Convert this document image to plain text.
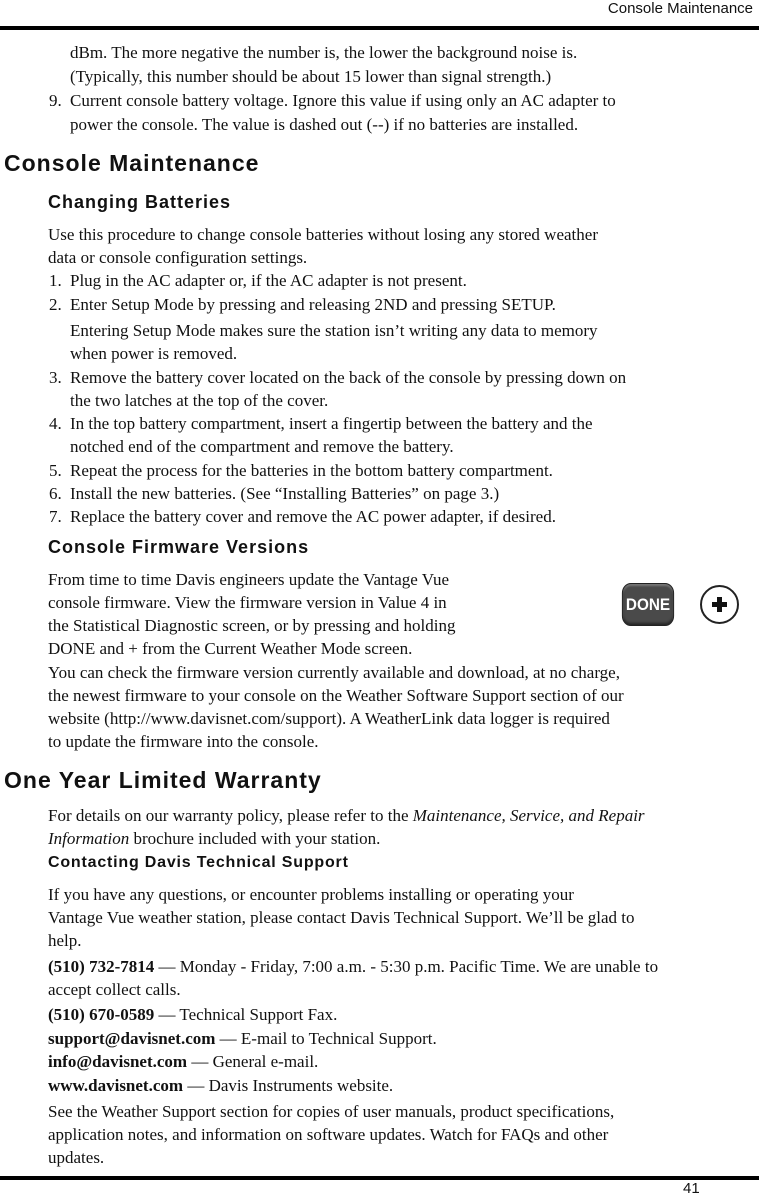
Console Maintenance
dBm. The more negative the number is, the lower the background noise is.
(Typically, this number should be about 15 lower than signal strength.)
9. Current console battery voltage. Ignore this value if using only an AC adapter to
power the console. The value is dashed out (--) if no batteries are installed.
Console Maintenance
Changing Batteries
Use this procedure to change console batteries without losing any stored weather
data or console configuration settings.
1. Plug in the AC adapter or, if the AC adapter is not present.
2. Enter Setup Mode by pressing and releasing 2ND and pressing SETUP.
Entering Setup Mode makes sure the station isn’t writing any data to memory
when power is removed.
3. Remove the battery cover located on the back of the console by pressing down on
the two latches at the top of the cover.
4. In the top battery compartment, insert a fingertip between the battery and the
notched end of the compartment and remove the battery.
5. Repeat the process for the batteries in the bottom battery compartment.
6. Install the new batteries. (See “Installing Batteries” on page 3.)
7. Replace the battery cover and remove the AC power adapter, if desired.
Console Firmware Versions
From time to time Davis engineers update the Vantage Vue
console firmware. View the firmware version in Value 4 in
the Statistical Diagnostic screen, or by pressing and holding
DONE and + from the Current Weather Mode screen.
DONE
You can check the firmware version currently available and download, at no charge,
the newest firmware to your console on the Weather Software Support section of our
website (http://www.davisnet.com/support). A WeatherLink data logger is required
to update the firmware into the console.
One Year Limited Warranty
For details on our warranty policy, please refer to the Maintenance, Service, and Repair
Information brochure included with your station.
Contacting Davis Technical Support
If you have any questions, or encounter problems installing or operating your
Vantage Vue weather station, please contact Davis Technical Support. We’ll be glad to
help.
(510) 732-7814 — Monday - Friday, 7:00 a.m. - 5:30 p.m. Pacific Time. We are unable to
accept collect calls.
(510) 670-0589 — Technical Support Fax.
support@davisnet.com — E-mail to Technical Support.
info@davisnet.com — General e-mail.
www.davisnet.com — Davis Instruments website.
See the Weather Support section for copies of user manuals, product specifications,
application notes, and information on software updates. Watch for FAQs and other
updates.
41
